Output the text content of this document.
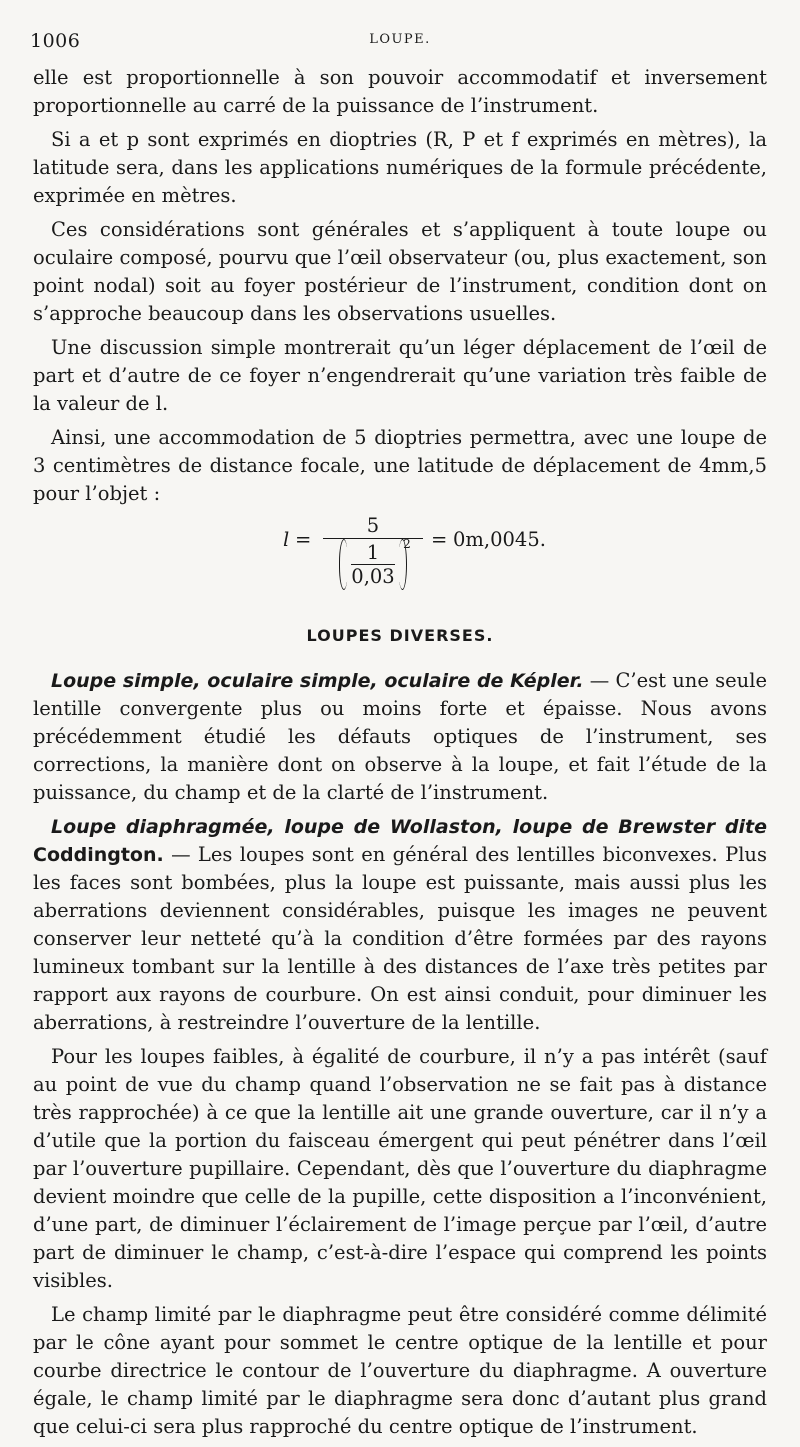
1006	LOUPE.

elle est proportionnelle à son pouvoir accommodatif et inversement proportionnelle au carré de la puissance de l’instrument.

Si a et p sont exprimés en dioptries (R, P et f exprimés en mètres), la latitude sera, dans les applications numériques de la formule précédente, exprimée en mètres.

Ces considérations sont générales et s’appliquent à toute loupe ou oculaire composé, pourvu que l’œil observateur (ou, plus exactement, son point nodal) soit au foyer postérieur de l’instrument, condition dont on s’approche beaucoup dans les observations usuelles.

Une discussion simple montrerait qu’un léger déplacement de l’œil de part et d’autre de ce foyer n’engendrerait qu’une variation très faible de la valeur de l.

Ainsi, une accommodation de 5 dioptries permettra, avec une loupe de 3 centimètres de distance focale, une latitude de déplacement de 4mm,5 pour l’objet :

l =
5
1
0,03
2 = 0m,0045.
LOUPES DIVERSES.

Loupe simple, oculaire simple, oculaire de Képler. — C’est une seule lentille convergente plus ou moins forte et épaisse. Nous avons précédemment étudié les défauts optiques de l’instrument, ses corrections, la manière dont on observe à la loupe, et fait l’étude de la puissance, du champ et de la clarté de l’instrument.

Loupe diaphragmée, loupe de Wollaston, loupe de Brewster dite Coddington. — Les loupes sont en général des lentilles biconvexes. Plus les faces sont bombées, plus la loupe est puissante, mais aussi plus les aberrations deviennent considérables, puisque les images ne peuvent conserver leur netteté qu’à la condition d’être formées par des rayons lumineux tombant sur la lentille à des distances de l’axe très petites par rapport aux rayons de courbure. On est ainsi conduit, pour diminuer les aberrations, à restreindre l’ouverture de la lentille.

Pour les loupes faibles, à égalité de courbure, il n’y a pas intérêt (sauf au point de vue du champ quand l’observation ne se fait pas à distance très rapprochée) à ce que la lentille ait une grande ouverture, car il n’y a d’utile que la portion du faisceau émergent qui peut pénétrer dans l’œil par l’ouverture pupillaire. Cependant, dès que l’ouverture du diaphragme devient moindre que celle de la pupille, cette disposition a l’inconvénient, d’une part, de diminuer l’éclairement de l’image perçue par l’œil, d’autre part de diminuer le champ, c’est-à-dire l’espace qui comprend les points visibles.

Le champ limité par le diaphragme peut être considéré comme délimité par le cône ayant pour sommet le centre optique de la lentille et pour courbe directrice le contour de l’ouverture du diaphragme. A ouverture égale, le champ limité par le diaphragme sera donc d’autant plus grand que celui-ci sera plus rapproché du centre optique de l’instrument.
